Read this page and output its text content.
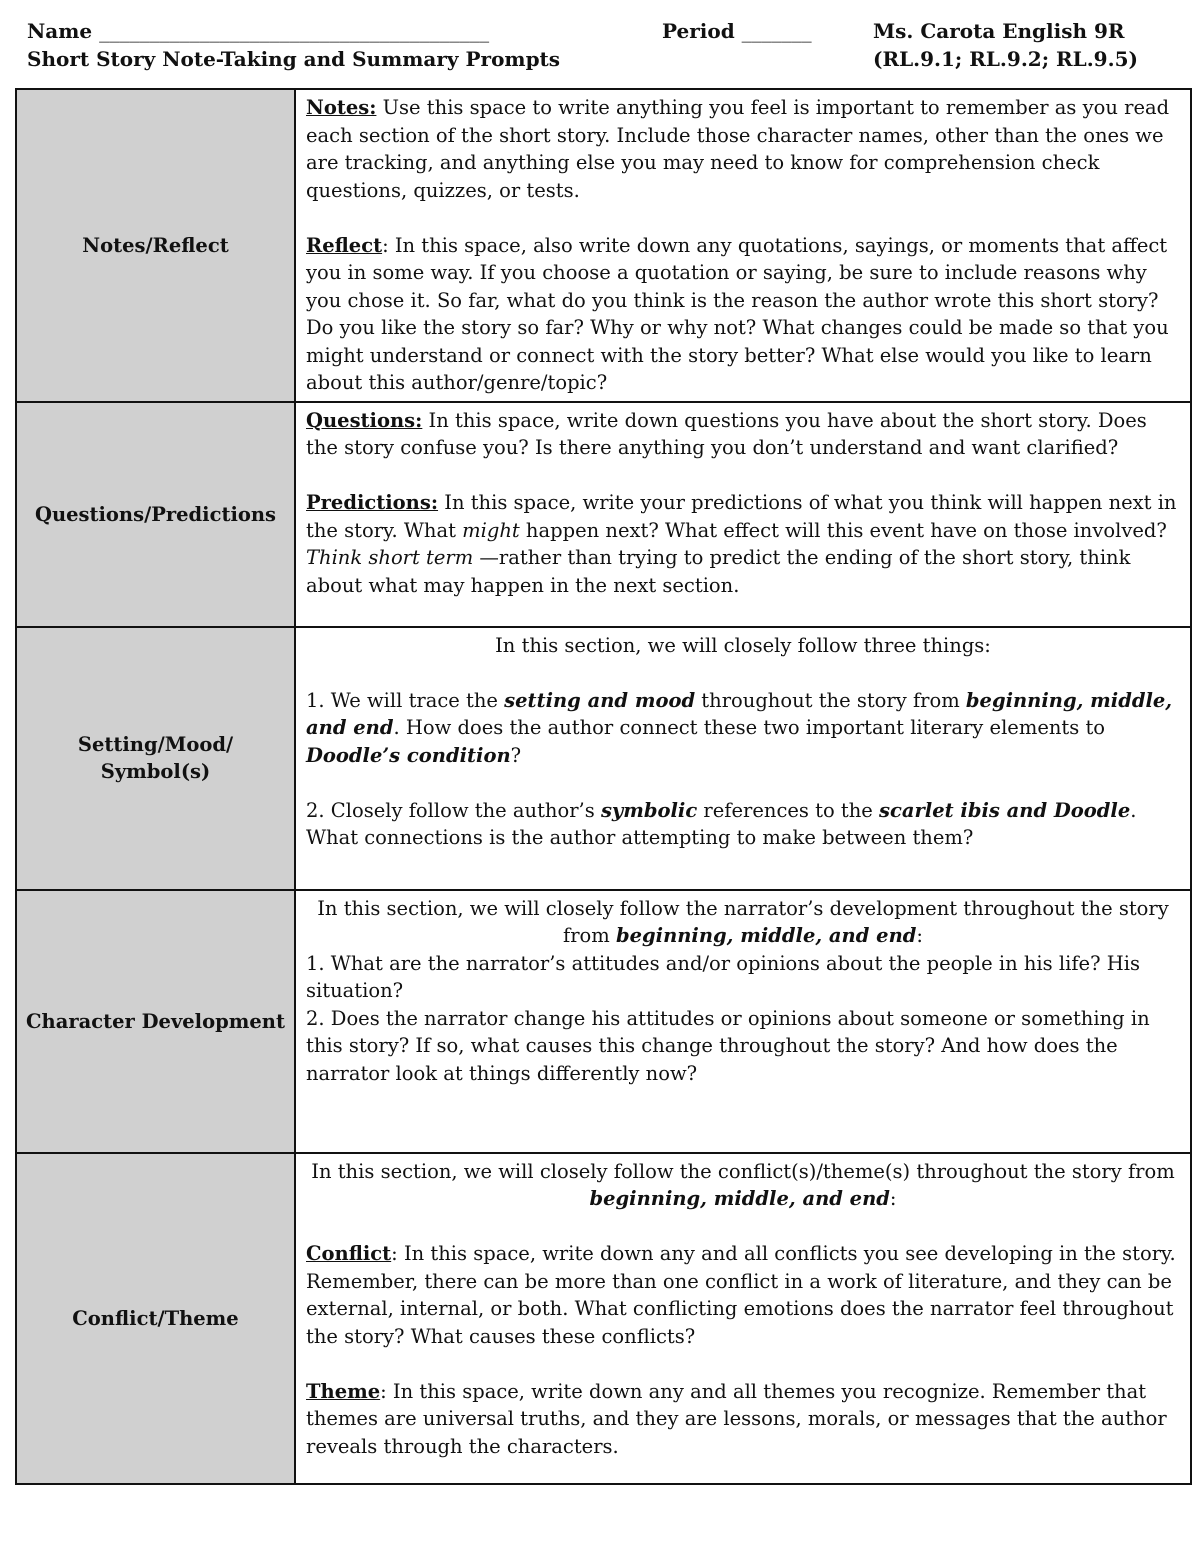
Name _______________________________________
Short Story Note-Taking and Summary Prompts
Period _______	Ms. Carota English 9R
(RL.9.1; RL.9.2; RL.9.5)
Notes/Reflect	Notes: Use this space to write anything you feel is important to remember as you read each section of the short story. Include those character names, other than the ones we are tracking, and anything else you may need to know for comprehension check questions, quizzes, or tests.

Reflect: In this space, also write down any quotations, sayings, or moments that affect you in some way. If you choose a quotation or saying, be sure to include reasons why you chose it. So far, what do you think is the reason the author wrote this short story? Do you like the story so far? Why or why not? What changes could be made so that you might understand or connect with the story better? What else would you like to learn about this author/genre/topic?

Questions/Predictions	Questions: In this space, write down questions you have about the short story. Does the story confuse you? Is there anything you don’t understand and want clarified?

Predictions: In this space, write your predictions of what you think will happen next in the story. What might happen next? What effect will this event have on those involved? Think short term —rather than trying to predict the ending of the short story, think about what may happen in the next section.

Setting/Mood/ Symbol(s)	In this section, we will closely follow three things:

1. We will trace the setting and mood throughout the story from beginning, middle, and end. How does the author connect these two important literary elements to Doodle’s condition?

2. Closely follow the author’s symbolic references to the scarlet ibis and Doodle. What connections is the author attempting to make between them?

Character Development	In this section, we will closely follow the narrator’s development throughout the story from beginning, middle, and end:

1. What are the narrator’s attitudes and/or opinions about the people in his life? His situation?

2. Does the narrator change his attitudes or opinions about someone or something in this story? If so, what causes this change throughout the story? And how does the narrator look at things differently now?

Conflict/Theme	In this section, we will closely follow the conflict(s)/theme(s) throughout the story from beginning, middle, and end:

Conflict: In this space, write down any and all conflicts you see developing in the story. Remember, there can be more than one conflict in a work of literature, and they can be external, internal, or both. What conflicting emotions does the narrator feel throughout the story? What causes these conflicts?

Theme: In this space, write down any and all themes you recognize. Remember that themes are universal truths, and they are lessons, morals, or messages that the author reveals through the characters.
